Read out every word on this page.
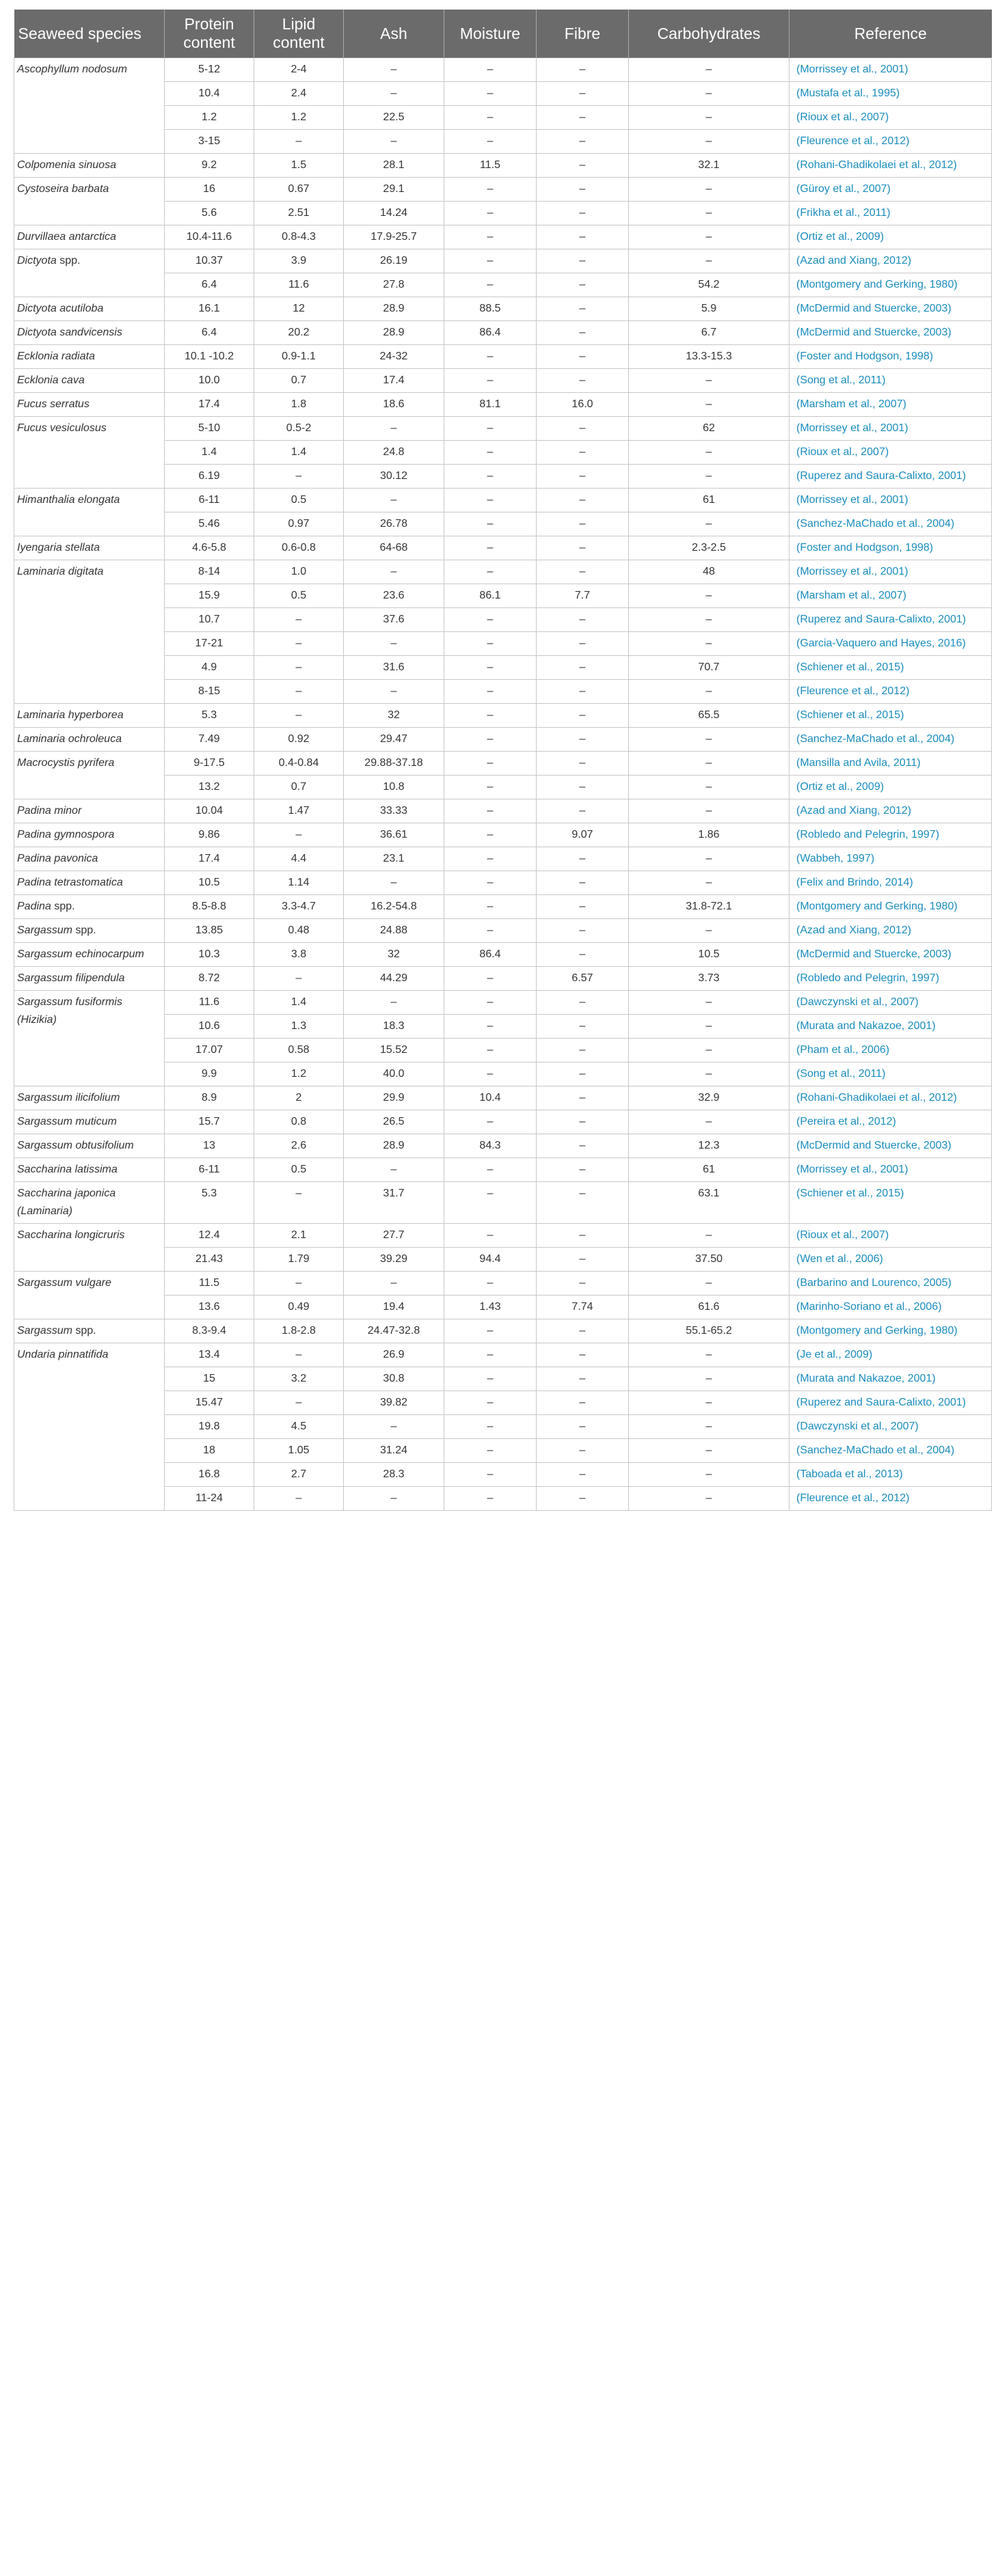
Seaweed species	Protein content	Lipid content	Ash	Moisture	Fibre	Carbohydrates	Reference
Ascophyllum nodosum	5-12	2-4	–	–	–	–	(Morrissey et al., 2001)
	10.4	2.4	–	–	–	–	(Mustafa et al., 1995)
	1.2	1.2	22.5	–	–	–	(Rioux et al., 2007)
	3-15	–	–	–	–	–	(Fleurence et al., 2012)
Colpomenia sinuosa	9.2	1.5	28.1	11.5	–	32.1	(Rohani-Ghadikolaei et al., 2012)
Cystoseira barbata	16	0.67	29.1	–	–	–	(Güroy et al., 2007)
	5.6	2.51	14.24	–	–	–	(Frikha et al., 2011)
Durvillaea antarctica	10.4-11.6	0.8-4.3	17.9-25.7	–	–	–	(Ortiz et al., 2009)
Dictyota spp.	10.37	3.9	26.19	–	–	–	(Azad and Xiang, 2012)
	6.4	11.6	27.8	–	–	54.2	(Montgomery and Gerking, 1980)
Dictyota acutiloba	16.1	12	28.9	88.5	–	5.9	(McDermid and Stuercke, 2003)
Dictyota sandvicensis	6.4	20.2	28.9	86.4	–	6.7	(McDermid and Stuercke, 2003)
Ecklonia radiata	10.1 -10.2	0.9-1.1	24-32	–	–	13.3-15.3	(Foster and Hodgson, 1998)
Ecklonia cava	10.0	0.7	17.4	–	–	–	(Song et al., 2011)
Fucus serratus	17.4	1.8	18.6	81.1	16.0	–	(Marsham et al., 2007)
Fucus vesiculosus	5-10	0.5-2	–	–	–	62	(Morrissey et al., 2001)
	1.4	1.4	24.8	–	–	–	(Rioux et al., 2007)
	6.19	–	30.12	–	–	–	(Ruperez and Saura-Calixto, 2001)
Himanthalia elongata	6-11	0.5	–	–	–	61	(Morrissey et al., 2001)
	5.46	0.97	26.78	–	–	–	(Sanchez-MaChado et al., 2004)
Iyengaria stellata	4.6-5.8	0.6-0.8	64-68	–	–	2.3-2.5	(Foster and Hodgson, 1998)
Laminaria digitata	8-14	1.0	–	–	–	48	(Morrissey et al., 2001)
	15.9	0.5	23.6	86.1	7.7	–	(Marsham et al., 2007)
	10.7	–	37.6	–	–	–	(Ruperez and Saura-Calixto, 2001)
	17-21	–	–	–	–	–	(Garcia-Vaquero and Hayes, 2016)
	4.9	–	31.6	–	–	70.7	(Schiener et al., 2015)
	8-15	–	–	–	–	–	(Fleurence et al., 2012)
Laminaria hyperborea	5.3	–	32	–	–	65.5	(Schiener et al., 2015)
Laminaria ochroleuca	7.49	0.92	29.47	–	–	–	(Sanchez-MaChado et al., 2004)
Macrocystis pyrifera	9-17.5	0.4-0.84	29.88-37.18	–	–	–	(Mansilla and Avila, 2011)
	13.2	0.7	10.8	–	–	–	(Ortiz et al., 2009)
Padina minor	10.04	1.47	33.33	–	–	–	(Azad and Xiang, 2012)
Padina gymnospora	9.86	–	36.61	–	9.07	1.86	(Robledo and Pelegrin, 1997)
Padina pavonica	17.4	4.4	23.1	–	–	–	(Wabbeh, 1997)
Padina tetrastomatica	10.5	1.14	–	–	–	–	(Felix and Brindo, 2014)
Padina spp.	8.5-8.8	3.3-4.7	16.2-54.8	–	–	31.8-72.1	(Montgomery and Gerking, 1980)
Sargassum spp.	13.85	0.48	24.88	–	–	–	(Azad and Xiang, 2012)
Sargassum echinocarpum	10.3	3.8	32	86.4	–	10.5	(McDermid and Stuercke, 2003)
Sargassum filipendula	8.72	–	44.29	–	6.57	3.73	(Robledo and Pelegrin, 1997)
Sargassum fusiformis (Hizikia)	11.6	1.4	–	–	–	–	(Dawczynski et al., 2007)
	10.6	1.3	18.3	–	–	–	(Murata and Nakazoe, 2001)
	17.07	0.58	15.52	–	–	–	(Pham et al., 2006)
	9.9	1.2	40.0	–	–	–	(Song et al., 2011)
Sargassum ilicifolium	8.9	2	29.9	10.4	–	32.9	(Rohani-Ghadikolaei et al., 2012)
Sargassum muticum	15.7	0.8	26.5	–	–	–	(Pereira et al., 2012)
Sargassum obtusifolium	13	2.6	28.9	84.3	–	12.3	(McDermid and Stuercke, 2003)
Saccharina latissima	6-11	0.5	–	–	–	61	(Morrissey et al., 2001)
Saccharina japonica (Laminaria)	5.3	–	31.7	–	–	63.1	(Schiener et al., 2015)
Saccharina longicruris	12.4	2.1	27.7	–	–	–	(Rioux et al., 2007)
	21.43	1.79	39.29	94.4	–	37.50	(Wen et al., 2006)
Sargassum vulgare	11.5	–	–	–	–	–	(Barbarino and Lourenco, 2005)
	13.6	0.49	19.4	1.43	7.74	61.6	(Marinho-Soriano et al., 2006)
Sargassum spp.	8.3-9.4	1.8-2.8	24.47-32.8	–	–	55.1-65.2	(Montgomery and Gerking, 1980)
Undaria pinnatifida	13.4	–	26.9	–	–	–	(Je et al., 2009)
	15	3.2	30.8	–	–	–	(Murata and Nakazoe, 2001)
	15.47	–	39.82	–	–	–	(Ruperez and Saura-Calixto, 2001)
	19.8	4.5	–	–	–	–	(Dawczynski et al., 2007)
	18	1.05	31.24	–	–	–	(Sanchez-MaChado et al., 2004)
	16.8	2.7	28.3	–	–	–	(Taboada et al., 2013)
	11-24	–	–	–	–	–	(Fleurence et al., 2012)
